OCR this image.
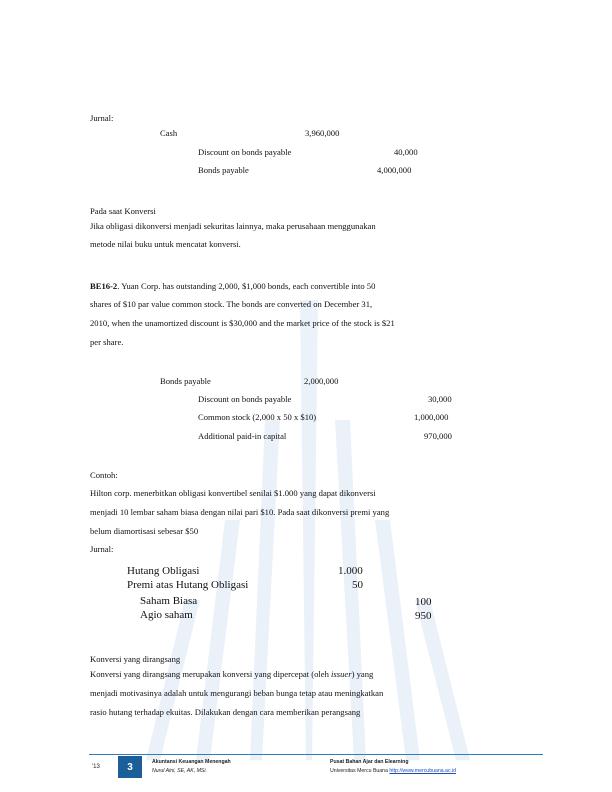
Jurnal:
Cash	3,960,000
Discount on bonds payable	40,000
Bonds payable	4,000,000
Pada saat Konversi
Jika obligasi dikonversi menjadi sekuritas lainnya, maka perusahaan menggunakan
metode nilai buku untuk mencatat konversi.
BE16-2. Yuan Corp. has outstanding 2,000, $1,000 bonds, each convertible into 50
shares of $10 par value common stock. The bonds are converted on December 31,
2010, when the unamortized discount is $30,000 and the market price of the stock is $21
per share.
Bonds payable	2,000,000
Discount on bonds payable	30,000
Common stock (2,000 x 50 x $10)	1,000,000
Additional paid-in capital	970,000
Contoh:
Hilton corp. menerbitkan obligasi konvertibel senilai $1.000 yang dapat dikonversi
menjadi 10 lembar saham biasa dengan nilai pari $10. Pada saat dikonversi premi yang
belum diamortisasi sebesar $50
Jurnal:
Hutang Obligasi	1.000
Premi atas Hutang Obligasi	50
Saham Biasa	100
Agio saham	950
Konversi yang dirangsang
Konversi yang dirangsang merupakan konversi yang dipercepat (oleh issuer) yang
menjadi motivasinya adalah untuk mengurangi beban bunga tetap atau meningkatkan
rasio hutang terhadap ekuitas. Dilakukan dengan cara memberikan perangsang
'13	3	Akuntansi Keuangan Menengah
Nurul Aini, SE, AK, MSi.
Pusat Bahan Ajar dan Elearning
Universitas Mercu Buana http://www.mercubuana.ac.id
